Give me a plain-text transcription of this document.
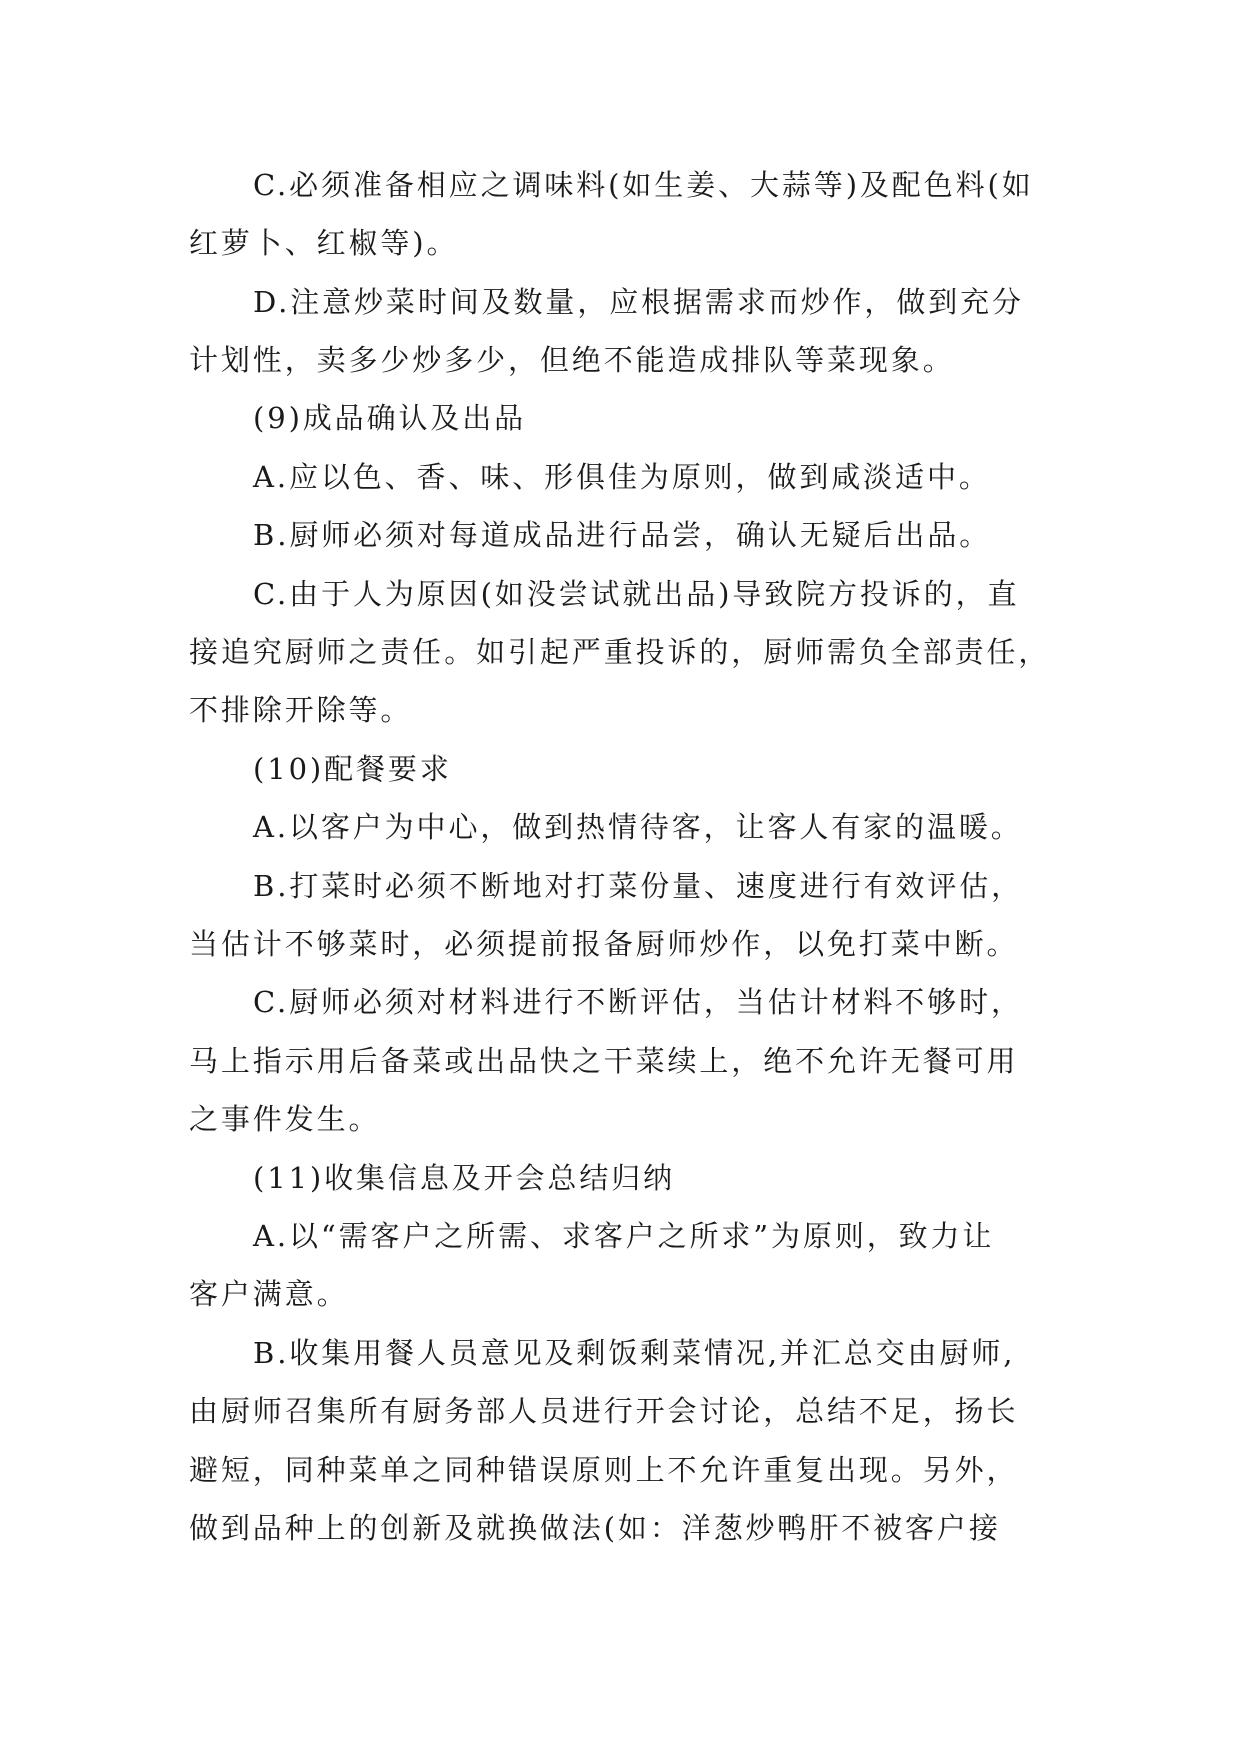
C.必须准备相应之调味料(如生姜、大蒜等)及配色料(如
红萝卜、红椒等)。
D.注意炒菜时间及数量，应根据需求而炒作，做到充分
计划性，卖多少炒多少，但绝不能造成排队等菜现象。
(9)成品确认及出品
A.应以色、香、味、形俱佳为原则，做到咸淡适中。
B.厨师必须对每道成品进行品尝，确认无疑后出品。
C.由于人为原因(如没尝试就出品)导致院方投诉的，直
接追究厨师之责任。如引起严重投诉的，厨师需负全部责任，
不排除开除等。
(10)配餐要求
A.以客户为中心，做到热情待客，让客人有家的温暖。
B.打菜时必须不断地对打菜份量、速度进行有效评估，
当估计不够菜时，必须提前报备厨师炒作，以免打菜中断。
C.厨师必须对材料进行不断评估，当估计材料不够时，
马上指示用后备菜或出品快之干菜续上，绝不允许无餐可用
之事件发生。
(11)收集信息及开会总结归纳
A.以“需客户之所需、求客户之所求”为原则，致力让
客户满意。
B.收集用餐人员意见及剩饭剩菜情况,并汇总交由厨师,
由厨师召集所有厨务部人员进行开会讨论，总结不足，扬长
避短，同种菜单之同种错误原则上不允许重复出现。另外，
做到品种上的创新及就换做法(如：洋葱炒鸭肝不被客户接
